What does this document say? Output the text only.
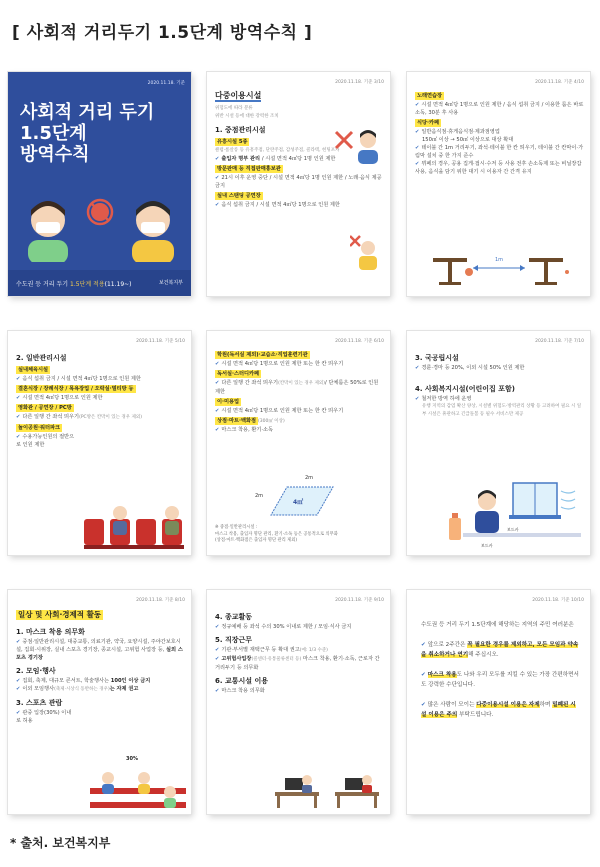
[ 사회적 거리두기 1.5단계 방역수칙 ]
2020.11.18. 기준
사회적 거리 두기
1.5단계
방역수칙
수도권 등 거리 두기 1.5단계 적용(11.19~)	보건복지부
2020.11.18. 기준 3/10
다중이용시설
위험도에 따라 분류
위반 시설 등에 대한 강력한 조치
1. 중점관리시설
유흥시설 5종
클럽·룸살롱 등 유흥주점, 단란주점, 감성주점, 콜라텍, 헌팅포차
✔ 출입자 명부 관리 / 시설 면적 4㎡당 1명 인원 제한
방문판매 등 직접판매홍보관
✔ 21시 이후 운영 중단 / 시설 면적 4㎡당 1명 인원 제한 / 노래·음식 제공 금지
실내 스탠딩 공연장
✔ 음식 섭취 금지 / 시설 면적 4㎡당 1명으로 인원 제한
2020.11.18. 기준 4/10
노래연습장
✔ 시설 면적 4㎡당 1명으로 인원 제한 / 음식 섭취 금지 / 이용한 룸은 바로 소독, 30분 후 사용
식당·카페
✔ 일반음식점·휴게음식점·제과점영업
150㎡ 이상 → 50㎡ 이상으로 대상 확대
✔ 테이블 간 1m 거리두기, 좌석·테이블 한 칸 띄우기, 테이블 간 칸막이·가림막 설치 중 한 가지 준수
✔ 뷔페의 경우, 공용 집게·접시·수저 등 사용 전후 손소독제 또는 비닐장갑 사용, 음식을 담기 위한 대기 시 이용자 간 간격 유지
1m
2020.11.18. 기준 5/10
2. 일반관리시설
실내체육시설
✔ 음식 섭취 금지 / 시설 면적 4㎡당 1명으로 인원 제한
결혼식장 / 장례식장 / 목욕장업 / 오락실·멀티방 등
✔ 시설 면적 4㎡당 1명으로 인원 제한
영화관 / 공연장 / PC방
✔ 다른 일행 간 좌석 띄우기(PC방은 칸막이 있는 경우 제외)
놀이공원·워터파크
✔ 수용가능인원의 절반으로 인원 제한
2020.11.18. 기준 6/10
학원(독서실 제외)·교습소·직업훈련기관
✔ 시설 면적 4㎡당 1명으로 인원 제한 또는 한 칸 띄우기
독서실·스터디카페
✔ 다른 일행 간 좌석 띄우기(칸막이 있는 경우 제외)/ 단체룸은 50%로 인원 제한
이·미용업
✔ 시설 면적 4㎡당 1명으로 인원 제한 또는 한 칸 띄우기
상점·마트·백화점 (300㎡ 이상)
✔ 마스크 착용, 환기·소독
2m
2m
4㎡
※ 중점·일반관리시설 :
마스크 착용, 출입자 명단 관리, 환기·소독 등은 공통적으로 의무화
(상점·마트·백화점은 출입자 명단 관리 제외)
2020.11.18. 기준 7/10
3. 국공립시설
✔ 경륜·경마 등 20%, 이외 시설 50% 인원 제한
4. 사회복지시설(어린이집 포함)
✔ 철저한 방역 하에 운영
유행 지역의 감염 확산 양상, 시설별 위험도·방역관리 상황 등 고려하여 필요 시 일부 시설은 휴관하고 긴급돌봄 등 필수 서비스만 제공
보드카
보드카
2020.11.18. 기준 8/10
일상 및 사회·경제적 활동
1. 마스크 착용 의무화
✔ 중점·일반관리시설, 대중교통, 의료기관, 약국, 요양시설, 주야간보호시설, 집회·시위장, 실내 스포츠 경기장, 종교시설, 고위험 사업장 등, 실외 스포츠 경기장
2. 모임·행사
✔ 집회, 축제, 대규모 콘서트, 학술행사는 100인 이상 금지
✔ 이외 모임행사(축제·시상식 동반하는 경우)는 자제 권고
3. 스포츠 관람
✔ 관중 입장(30%) 이내로 허용
30%
2020.11.18. 기준 9/10
4. 종교활동
✔ 정규예배 등 좌석 수의 30% 이내로 제한 / 모임·식사 금지
5. 직장근무
✔ 기관·부서별 재택근무 등 확대 권고(예: 1/3 수준)
✔ 고위험사업장(콜센터·유통물류센터 등) 마스크 착용, 환기·소독, 근로자 간 거리두기 등 의무화
6. 교통시설 이용
✔ 마스크 착용 의무화
2020.11.18. 기준 10/10
수도권 등 거리 두기 1.5단계에 해당하는 지역의 주민 여러분은
✔ 앞으로 2주간은 꼭 필요한 경우를 제외하고, 모든 모임과 약속을 취소하거나 연기해 주십시오.
✔ 마스크 착용도 나와 우리 모두를 지킬 수 있는 가장 간편하면서도 강력한 수단입니다.
✔ 많은 사람이 모이는 다중이용시설 이용은 자제하며 밀폐된 시설 이용은 주의 부탁드립니다.
* 출처. 보건복지부
